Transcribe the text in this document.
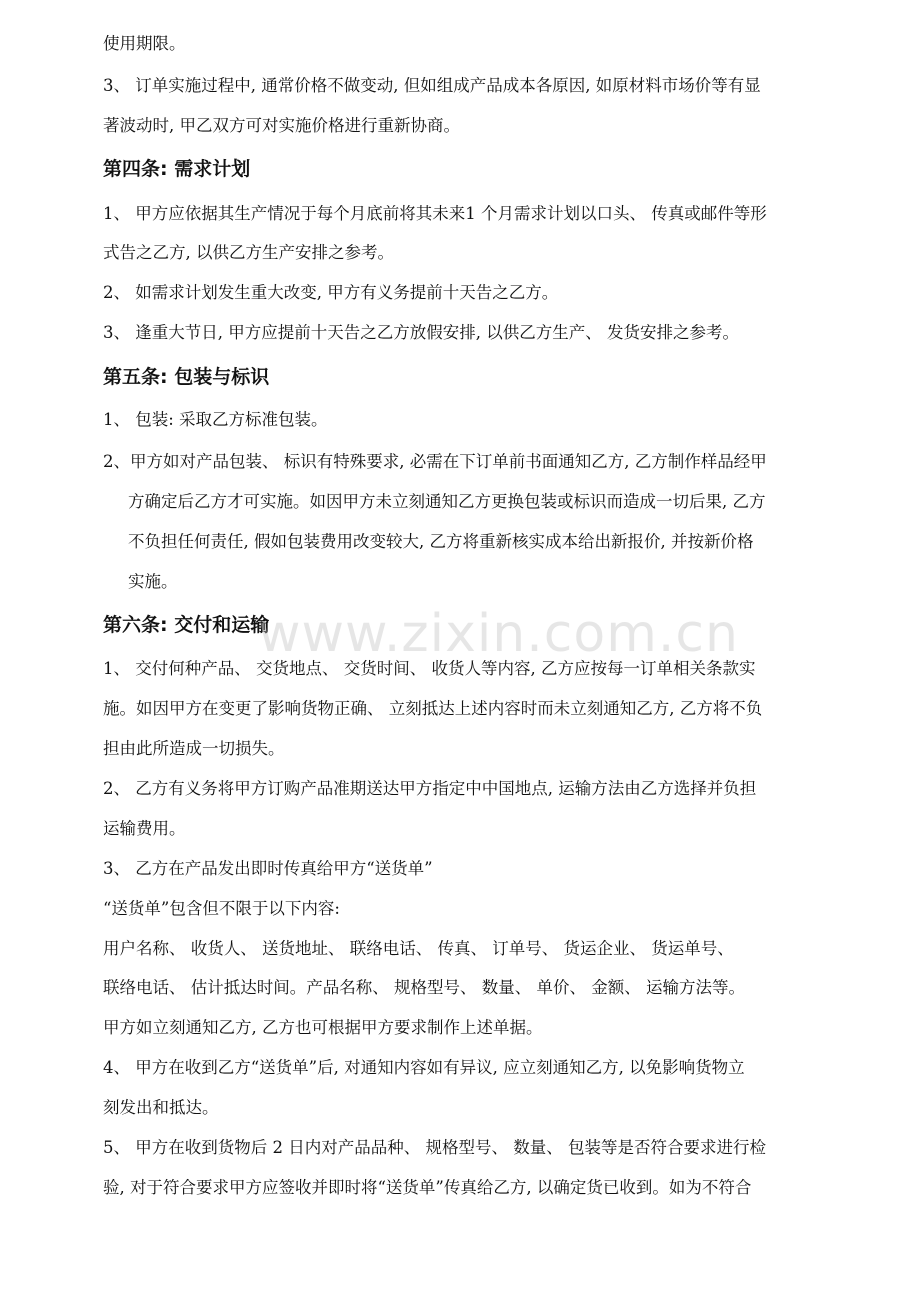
使用期限。
3、 订单实施过程中, 通常价格不做变动, 但如组成产品成本各原因, 如原材料市场价等有显
著波动时, 甲乙双方可对实施价格进行重新协商。
第四条: 需求计划
1、 甲方应依据其生产情况于每个月底前将其未来1 个月需求计划以口头、 传真或邮件等形
式告之乙方, 以供乙方生产安排之参考。
2、 如需求计划发生重大改变, 甲方有义务提前十天告之乙方。
3、 逢重大节日, 甲方应提前十天告之乙方放假安排, 以供乙方生产、 发货安排之参考。
第五条: 包装与标识
1、 包装: 采取乙方标准包装。
2、甲方如对产品包装、 标识有特殊要求, 必需在下订单前书面通知乙方, 乙方制作样品经甲
方确定后乙方才可实施。如因甲方未立刻通知乙方更换包装或标识而造成一切后果, 乙方
不负担任何责任, 假如包装费用改变较大, 乙方将重新核实成本给出新报价, 并按新价格
实施。
第六条: 交付和运输
1、 交付何种产品、 交货地点、 交货时间、 收货人等内容, 乙方应按每一订单相关条款实
施。如因甲方在变更了影响货物正确、 立刻抵达上述内容时而未立刻通知乙方, 乙方将不负
担由此所造成一切损失。
2、 乙方有义务将甲方订购产品准期送达甲方指定中中国地点, 运输方法由乙方选择并负担
运输费用。
3、 乙方在产品发出即时传真给甲方“送货单”
“送货单”包含但不限于以下内容:
用户名称、 收货人、 送货地址、 联络电话、 传真、 订单号、 货运企业、 货运单号、
联络电话、 估计抵达时间。产品名称、 规格型号、 数量、 单价、 金额、 运输方法等。
甲方如立刻通知乙方, 乙方也可根据甲方要求制作上述单据。
4、 甲方在收到乙方“送货单”后, 对通知内容如有异议, 应立刻通知乙方, 以免影响货物立
刻发出和抵达。
5、 甲方在收到货物后 2 日内对产品品种、 规格型号、 数量、 包装等是否符合要求进行检
验, 对于符合要求甲方应签收并即时将“送货单”传真给乙方, 以确定货已收到。如为不符合
www.zixin.com.cn
